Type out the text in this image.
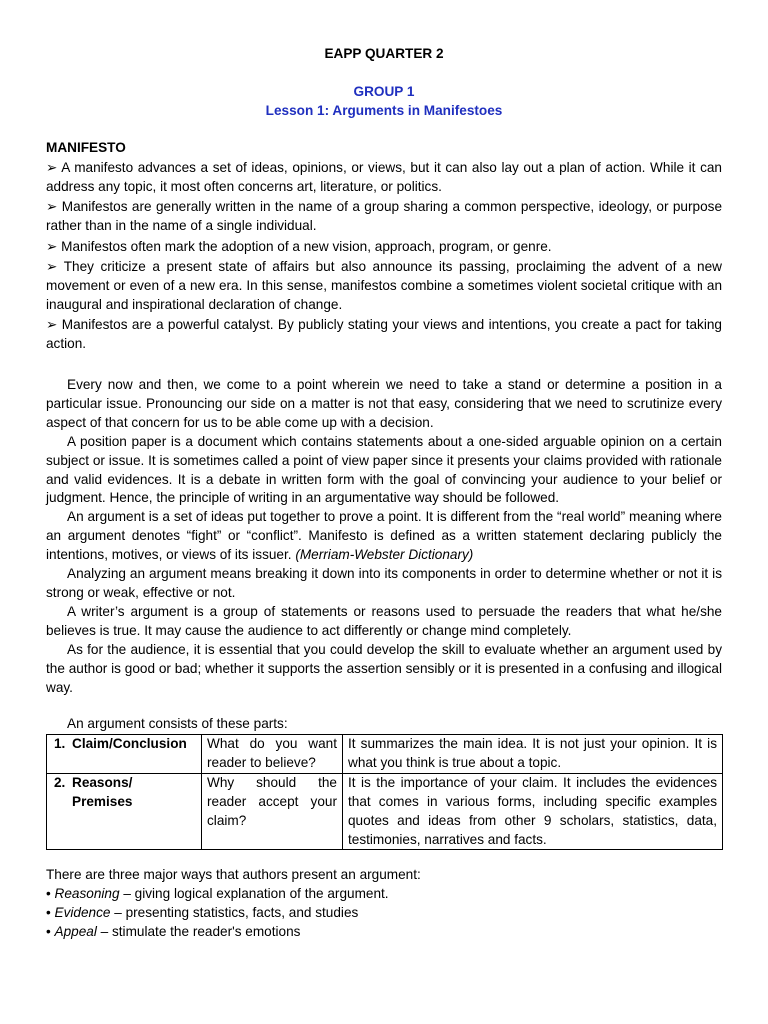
EAPP QUARTER 2
GROUP 1
Lesson 1: Arguments in Manifestoes
MANIFESTO

➢ A manifesto advances a set of ideas, opinions, or views, but it can also lay out a plan of action. While it can address any topic, it most often concerns art, literature, or politics.

➢ Manifestos are generally written in the name of a group sharing a common perspective, ideology, or purpose rather than in the name of a single individual.

➢ Manifestos often mark the adoption of a new vision, approach, program, or genre.

➢ They criticize a present state of affairs but also announce its passing, proclaiming the advent of a new movement or even of a new era. In this sense, manifestos combine a sometimes violent societal critique with an inaugural and inspirational declaration of change.

➢ Manifestos are a powerful catalyst. By publicly stating your views and intentions, you create a pact for taking action.

Every now and then, we come to a point wherein we need to take a stand or determine a position in a particular issue. Pronouncing our side on a matter is not that easy, considering that we need to scrutinize every aspect of that concern for us to be able come up with a decision.

A position paper is a document which contains statements about a one-sided arguable opinion on a certain subject or issue. It is sometimes called a point of view paper since it presents your claims provided with rationale and valid evidences. It is a debate in written form with the goal of convincing your audience to your belief or judgment. Hence, the principle of writing in an argumentative way should be followed.

An argument is a set of ideas put together to prove a point. It is different from the “real world” meaning where an argument denotes “fight” or “conflict”. Manifesto is defined as a written statement declaring publicly the intentions, motives, or views of its issuer. (Merriam-Webster Dictionary)

Analyzing an argument means breaking it down into its components in order to determine whether or not it is strong or weak, effective or not.

A writer’s argument is a group of statements or reasons used to persuade the readers that what he/she believes is true. It may cause the audience to act differently or change mind completely.

As for the audience, it is essential that you could develop the skill to evaluate whether an argument used by the author is good or bad; whether it supports the assertion sensibly or it is presented in a confusing and illogical way.

An argument consists of these parts:
1. Claim/Conclusion	What do you want reader to believe?	It summarizes the main idea. It is not just your opinion. It is what you think is true about a topic.
2. Reasons/
Premises	Why should the reader accept your claim?	It is the importance of your claim. It includes the evidences that comes in various forms, including specific examples quotes and ideas from other 9 scholars, statistics, data, testimonies, narratives and facts.

There are three major ways that authors present an argument:

• Reasoning – giving logical explanation of the argument.

• Evidence – presenting statistics, facts, and studies

• Appeal – stimulate the reader's emotions
